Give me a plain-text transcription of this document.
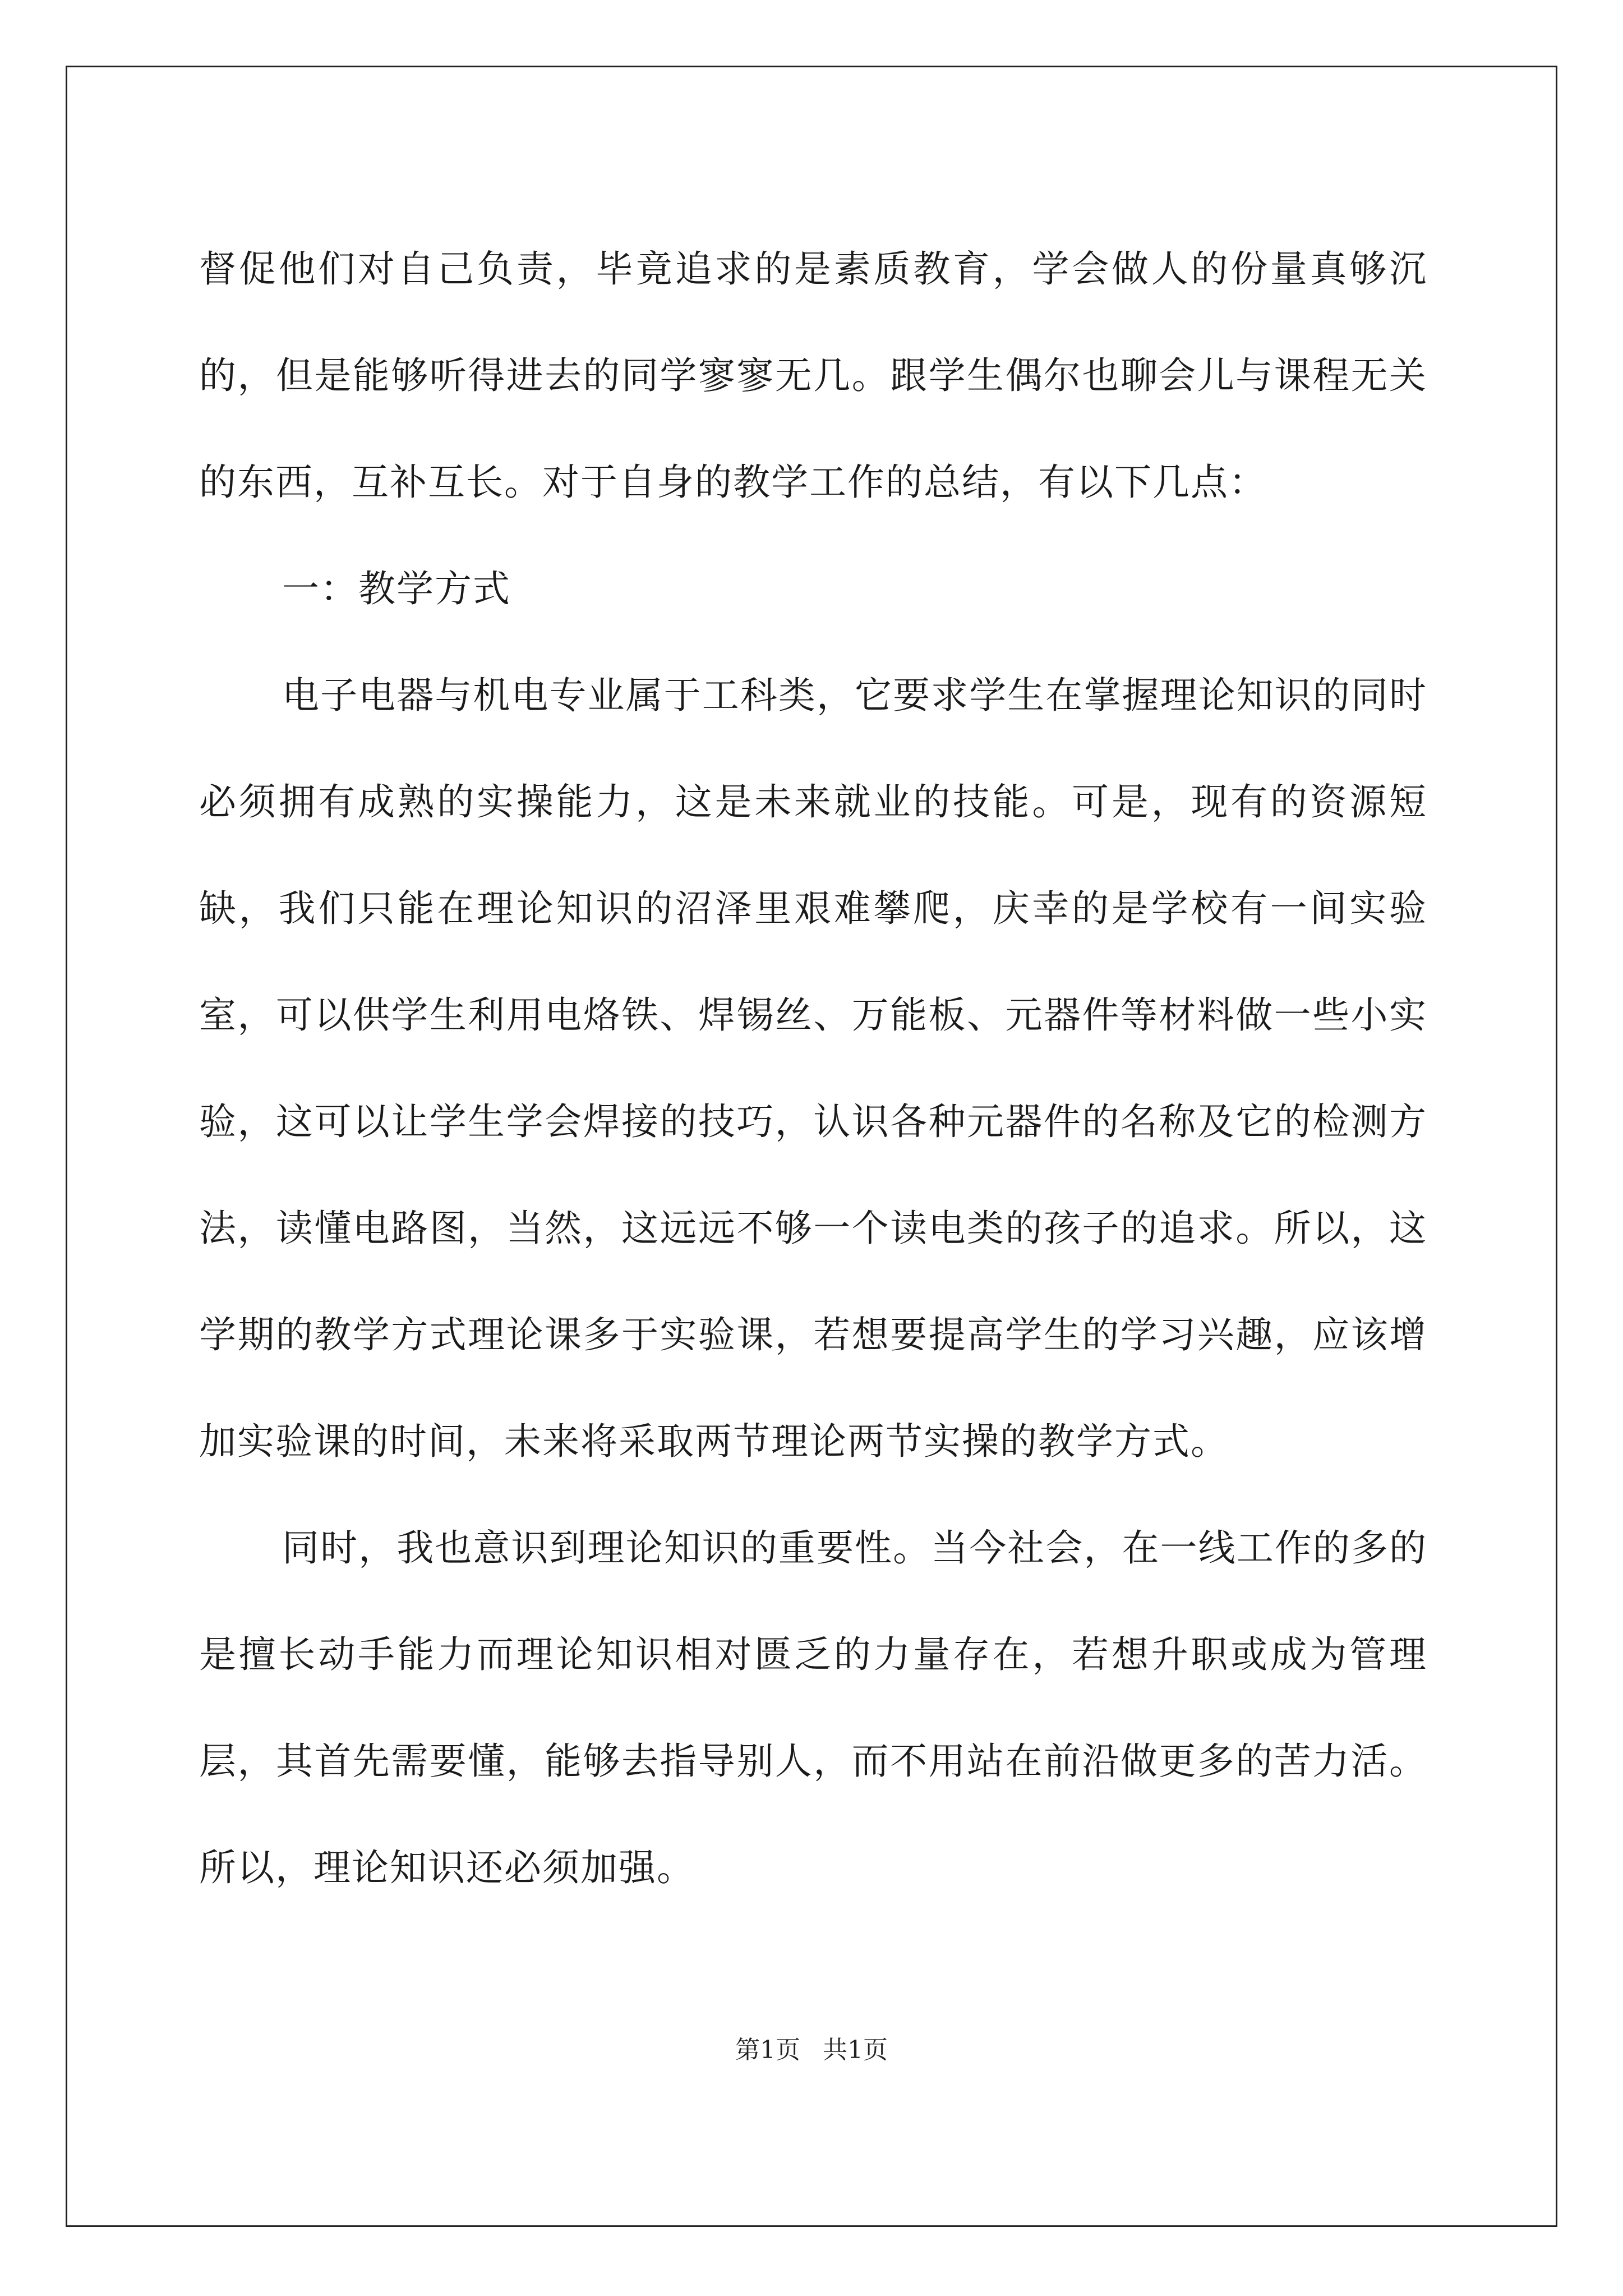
督促他们对自己负责，毕竟追求的是素质教育，学会做人的份量真够沉的，但是能够听得进去的同学寥寥无几。跟学生偶尔也聊会儿与课程无关的东西，互补互长。对于自身的教学工作的总结，有以下几点：

一：教学方式

电子电器与机电专业属于工科类，它要求学生在掌握理论知识的同时必须拥有成熟的实操能力，这是未来就业的技能。可是，现有的资源短缺，我们只能在理论知识的沼泽里艰难攀爬，庆幸的是学校有一间实验室，可以供学生利用电烙铁、焊锡丝、万能板、元器件等材料做一些小实验，这可以让学生学会焊接的技巧，认识各种元器件的名称及它的检测方法，读懂电路图，当然，这远远不够一个读电类的孩子的追求。所以，这学期的教学方式理论课多于实验课，若想要提高学生的学习兴趣，应该增加实验课的时间，未来将采取两节理论两节实操的教学方式。

同时，我也意识到理论知识的重要性。当今社会，在一线工作的多的是擅长动手能力而理论知识相对匮乏的力量存在，若想升职或成为管理层，其首先需要懂，能够去指导别人，而不用站在前沿做更多的苦力活。所以，理论知识还必须加强。

第1页 共1页
